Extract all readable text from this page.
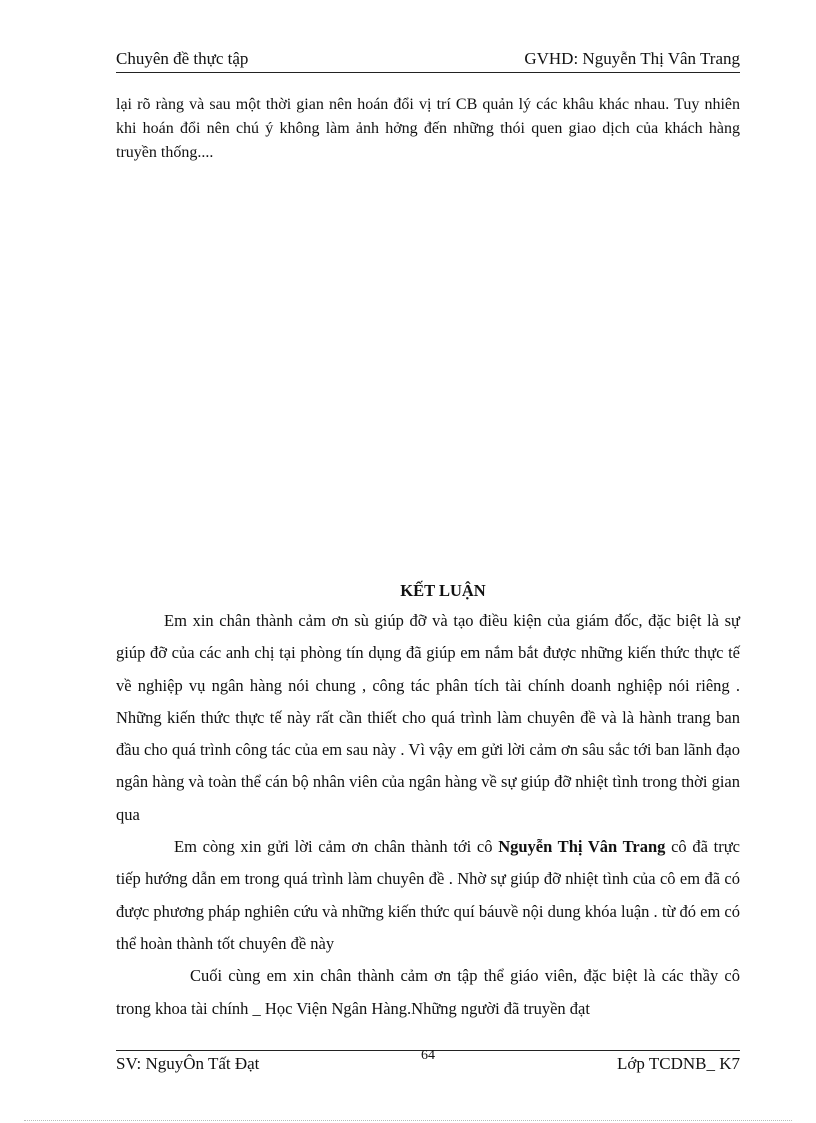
Chuyên đề thực tập	GVHD: Nguyễn Thị Vân Trang

lại rõ ràng và sau một thời gian nên hoán đổi vị trí CB quản lý các khâu khác nhau. Tuy nhiên khi hoán đổi nên chú ý không làm ảnh hởng đến những thói quen giao dịch của khách hàng truyền thống....

KẾT LUẬN

Em xin chân thành cảm ơn sù giúp đỡ và tạo điều kiện của giám đốc, đặc biệt là sự giúp đỡ của các anh chị tại phòng tín dụng đã giúp em nắm bắt được những kiến thức thực tế về nghiệp vụ ngân hàng nói chung , công tác phân tích tài chính doanh nghiệp nói riêng . Những kiến thức thực tế này rất cần thiết cho quá trình làm chuyên đề và là hành trang ban đầu cho quá trình công tác của em sau này . Vì vậy em gửi lời cảm ơn sâu sắc tới ban lãnh đạo ngân hàng và toàn thể cán bộ nhân viên của ngân hàng về sự giúp đỡ nhiệt tình trong thời gian qua

Em còng xin gửi lời cảm ơn chân thành tới cô Nguyễn Thị Vân Trang cô đã trực tiếp hướng dẫn em trong quá trình làm chuyên đề . Nhờ sự giúp đỡ nhiệt tình của cô em đã có được phương pháp nghiên cứu và những kiến thức quí báuvề nội dung khóa luận . từ đó em có thể hoàn thành tốt chuyên đề này

Cuối cùng em xin chân thành cảm ơn tập thể giáo viên, đặc biệt là các thầy cô trong khoa tài chính _ Học Viện Ngân Hàng.Những người đã truyền đạt

SV: NguyÔn Tất Đạt	64	Lớp TCDNB_ K7
